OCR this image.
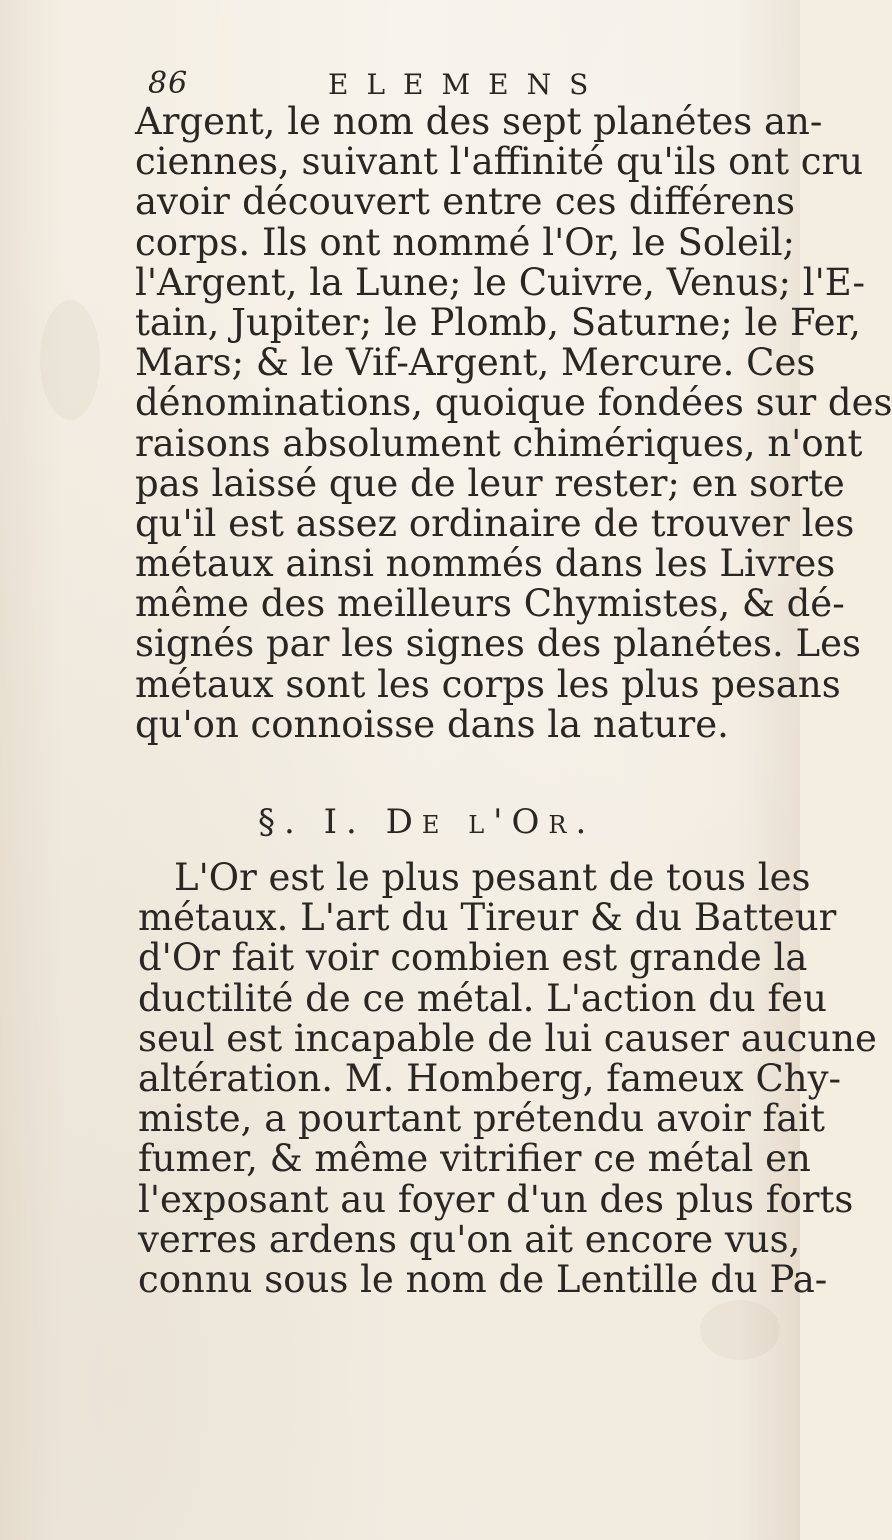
86	ELEMENS
Argent, le nom des sept planétes an-
ciennes, suivant l'affinité qu'ils ont cru
avoir découvert entre ces différens
corps. Ils ont nommé l'Or, le Soleil;
l'Argent, la Lune; le Cuivre, Venus; l'E-
tain, Jupiter; le Plomb, Saturne; le Fer,
Mars; & le Vif-Argent, Mercure. Ces
dénominations, quoique fondées sur des
raisons absolument chimériques, n'ont
pas laissé que de leur rester; en sorte
qu'il est assez ordinaire de trouver les
métaux ainsi nommés dans les Livres
même des meilleurs Chymistes, & dé-
signés par les signes des planétes. Les
métaux sont les corps les plus pesans
qu'on connoisse dans la nature.
§. I. De l'Or.
L'Or est le plus pesant de tous les
métaux. L'art du Tireur & du Batteur
d'Or fait voir combien est grande la
ductilité de ce métal. L'action du feu
seul est incapable de lui causer aucune
altération. M. Homberg, fameux Chy-
miste, a pourtant prétendu avoir fait
fumer, & même vitrifier ce métal en
l'exposant au foyer d'un des plus forts
verres ardens qu'on ait encore vus,
connu sous le nom de Lentille du Pa-
